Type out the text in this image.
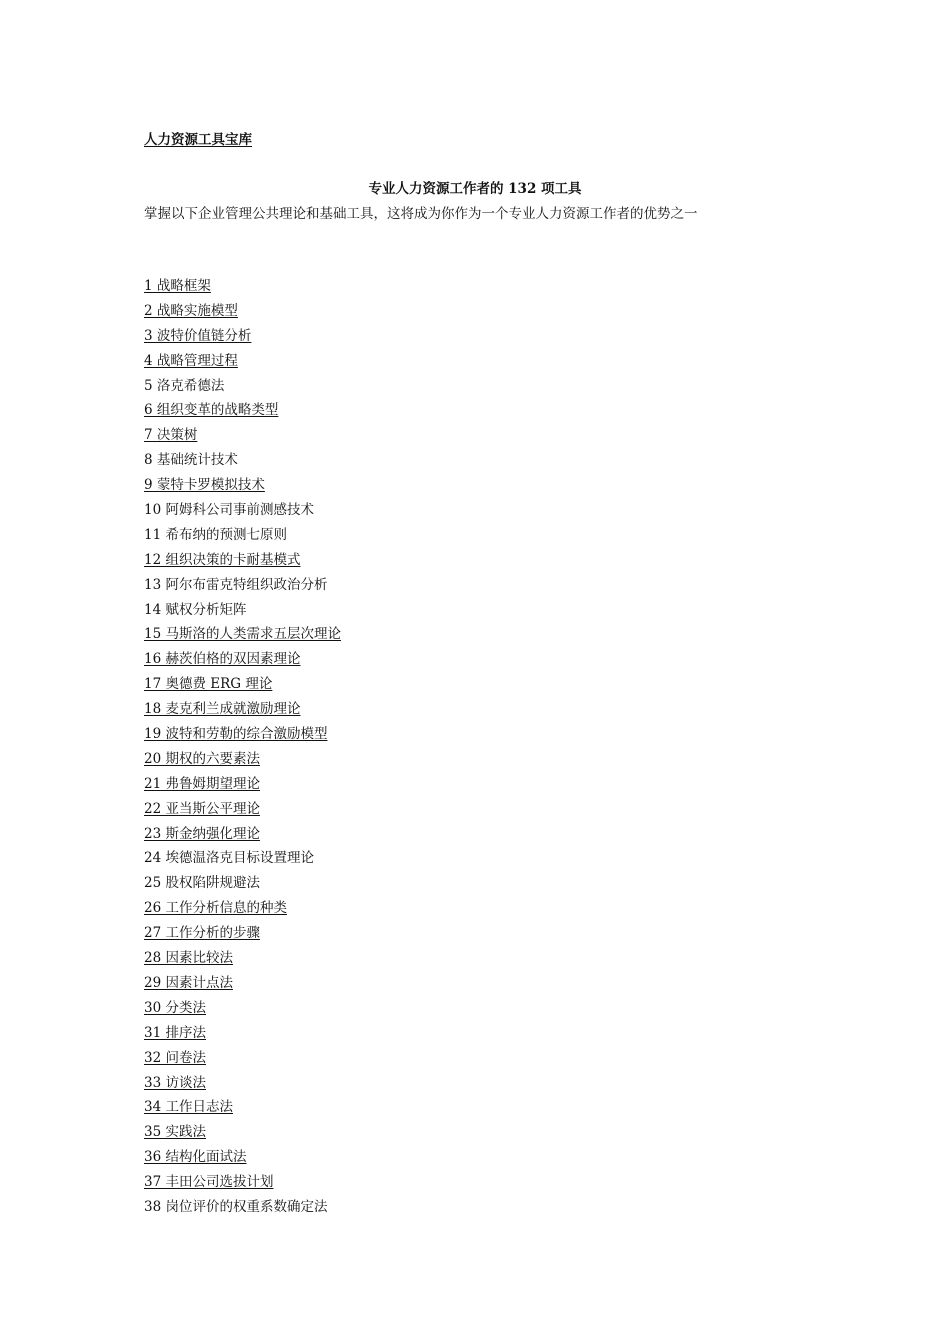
人力资源工具宝库
专业人力资源工作者的 132 项工具
掌握以下企业管理公共理论和基础工具，这将成为你作为一个专业人力资源工作者的优势之一
1 战略框架
2 战略实施模型
3 波特价值链分析
4 战略管理过程
5 洛克希德法
6 组织变革的战略类型
7 决策树
8 基础统计技术
9 蒙特卡罗模拟技术
10 阿姆科公司事前测感技术
11 希布纳的预测七原则
12 组织决策的卡耐基模式
13 阿尔布雷克特组织政治分析
14 赋权分析矩阵
15 马斯洛的人类需求五层次理论
16 赫茨伯格的双因素理论
17 奥德费 ERG 理论
18 麦克利兰成就激励理论
19 波特和劳勒的综合激励模型
20 期权的六要素法
21 弗鲁姆期望理论
22 亚当斯公平理论
23 斯金纳强化理论
24 埃德温洛克目标设置理论
25 股权陷阱规避法
26 工作分析信息的种类
27 工作分析的步骤
28 因素比较法
29 因素计点法
30 分类法
31 排序法
32 问卷法
33 访谈法
34 工作日志法
35 实践法
36 结构化面试法
37 丰田公司选拔计划
38 岗位评价的权重系数确定法
